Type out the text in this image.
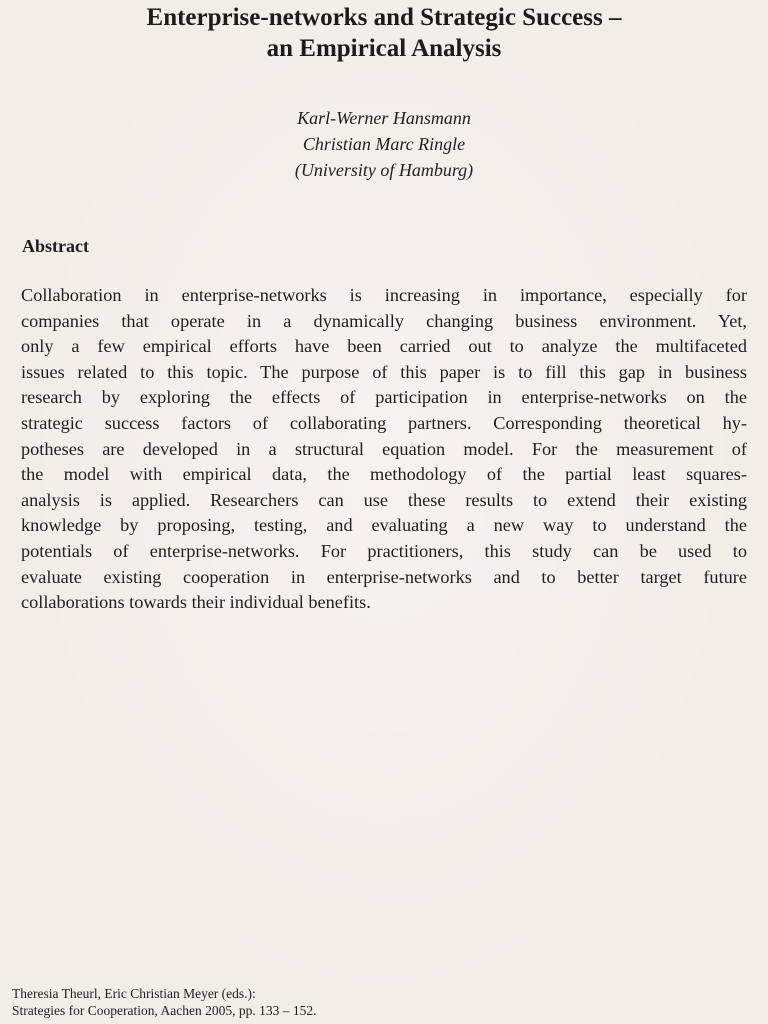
Enterprise-networks and Strategic Success –
an Empirical Analysis
Karl-Werner Hansmann
Christian Marc Ringle
(University of Hamburg)
Abstract
Collaboration in enterprise-networks is increasing in importance, especially for
companies that operate in a dynamically changing business environment. Yet,
only a few empirical efforts have been carried out to analyze the multifaceted
issues related to this topic. The purpose of this paper is to fill this gap in business
research by exploring the effects of participation in enterprise-networks on the
strategic success factors of collaborating partners. Corresponding theoretical hy-
potheses are developed in a structural equation model. For the measurement of
the model with empirical data, the methodology of the partial least squares-
analysis is applied. Researchers can use these results to extend their existing
knowledge by proposing, testing, and evaluating a new way to understand the
potentials of enterprise-networks. For practitioners, this study can be used to
evaluate existing cooperation in enterprise-networks and to better target future
collaborations towards their individual benefits.
Theresia Theurl, Eric Christian Meyer (eds.):
Strategies for Cooperation, Aachen 2005, pp. 133 – 152.
